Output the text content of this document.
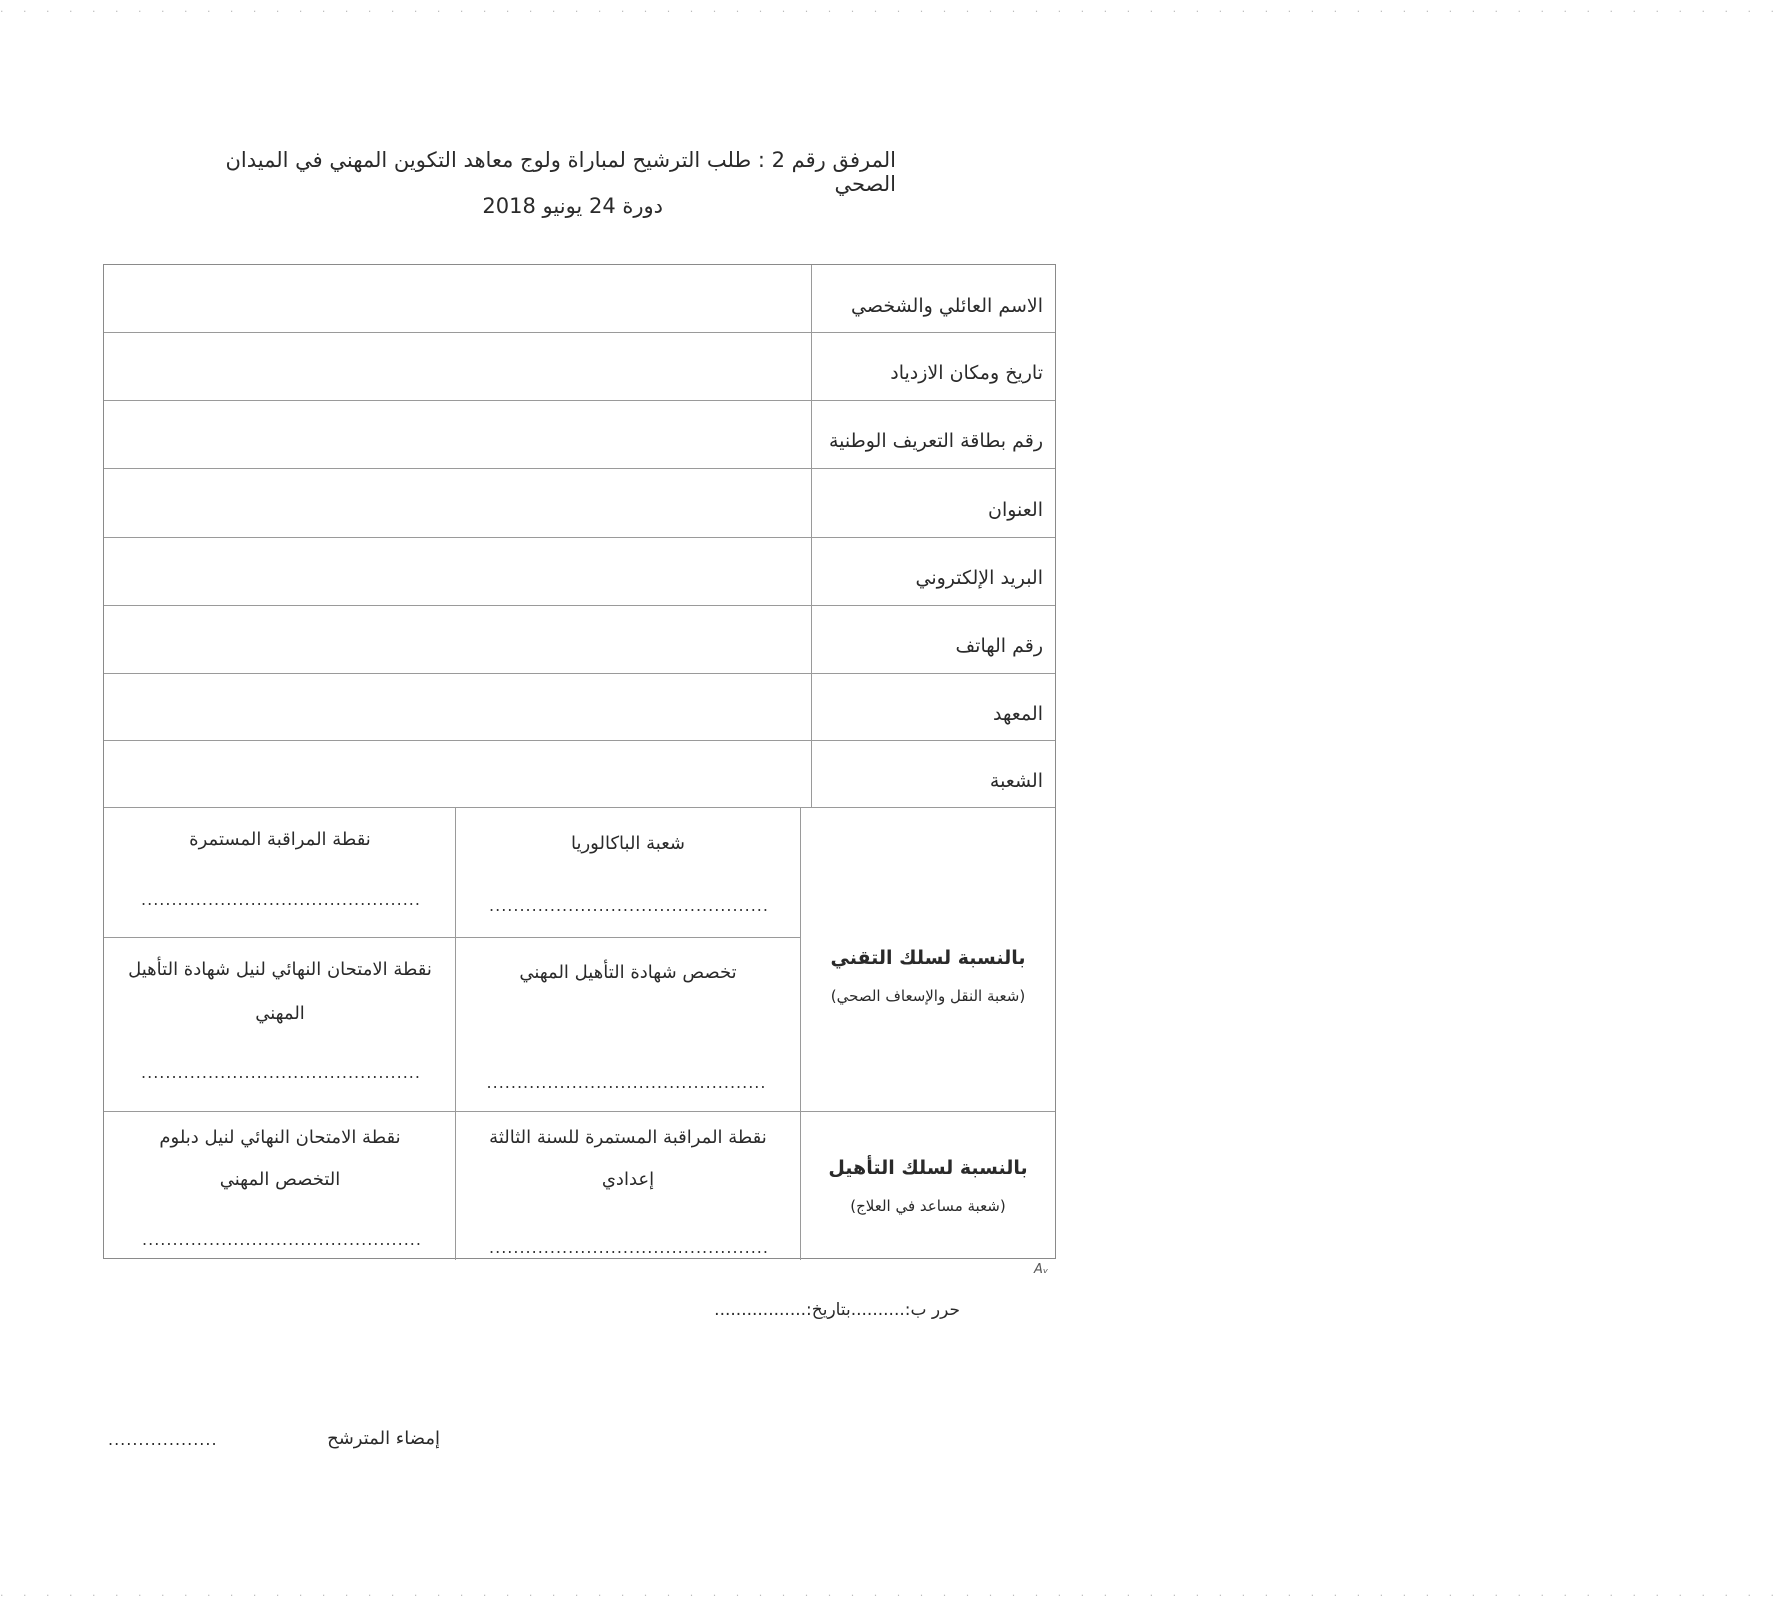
. . . . . . . . . . . . . . . . . . . . . . . . . . . . . . . . . . . . . . . . . . . . . . . . . . . . . . . . . . . . . . . . . . . . . . . . . . . . . .
المرفق رقم 2 : طلب الترشيح لمباراة ولوج معاهد التكوين المهني في الميدان الصحي
دورة 24 يونيو 2018
الاسم العائلي والشخصي
تاريخ ومكان الازدياد
رقم بطاقة التعريف الوطنية
العنوان
البريد الإلكتروني
رقم الهاتف
المعهد
الشعبة
بالنسبة لسلك التقني
(شعبة النقل والإسعاف الصحي)
شعبة الباكالوريا
..............................................
تخصص شهادة التأهيل المهني
..............................................
نقطة المراقبة المستمرة
..............................................
نقطة الامتحان النهائي لنيل شهادة التأهيل المهني
..............................................
بالنسبة لسلك التأهيل
(شعبة مساعد في العلاج)
نقطة المراقبة المستمرة للسنة الثالثة إعدادي
..............................................
نقطة الامتحان النهائي لنيل دبلوم التخصص المهني
..............................................
Aᵥ
حرر ب:..........بتاريخ:.................
إمضاء المترشح
..................
. . . . . . . . . . . . . . . . . . . . . . . . . . . . . . . . . . . . . . . . . . . . . . . . . . . . . . . . . . . . . . . . . . . . . . . . . . . . . .
